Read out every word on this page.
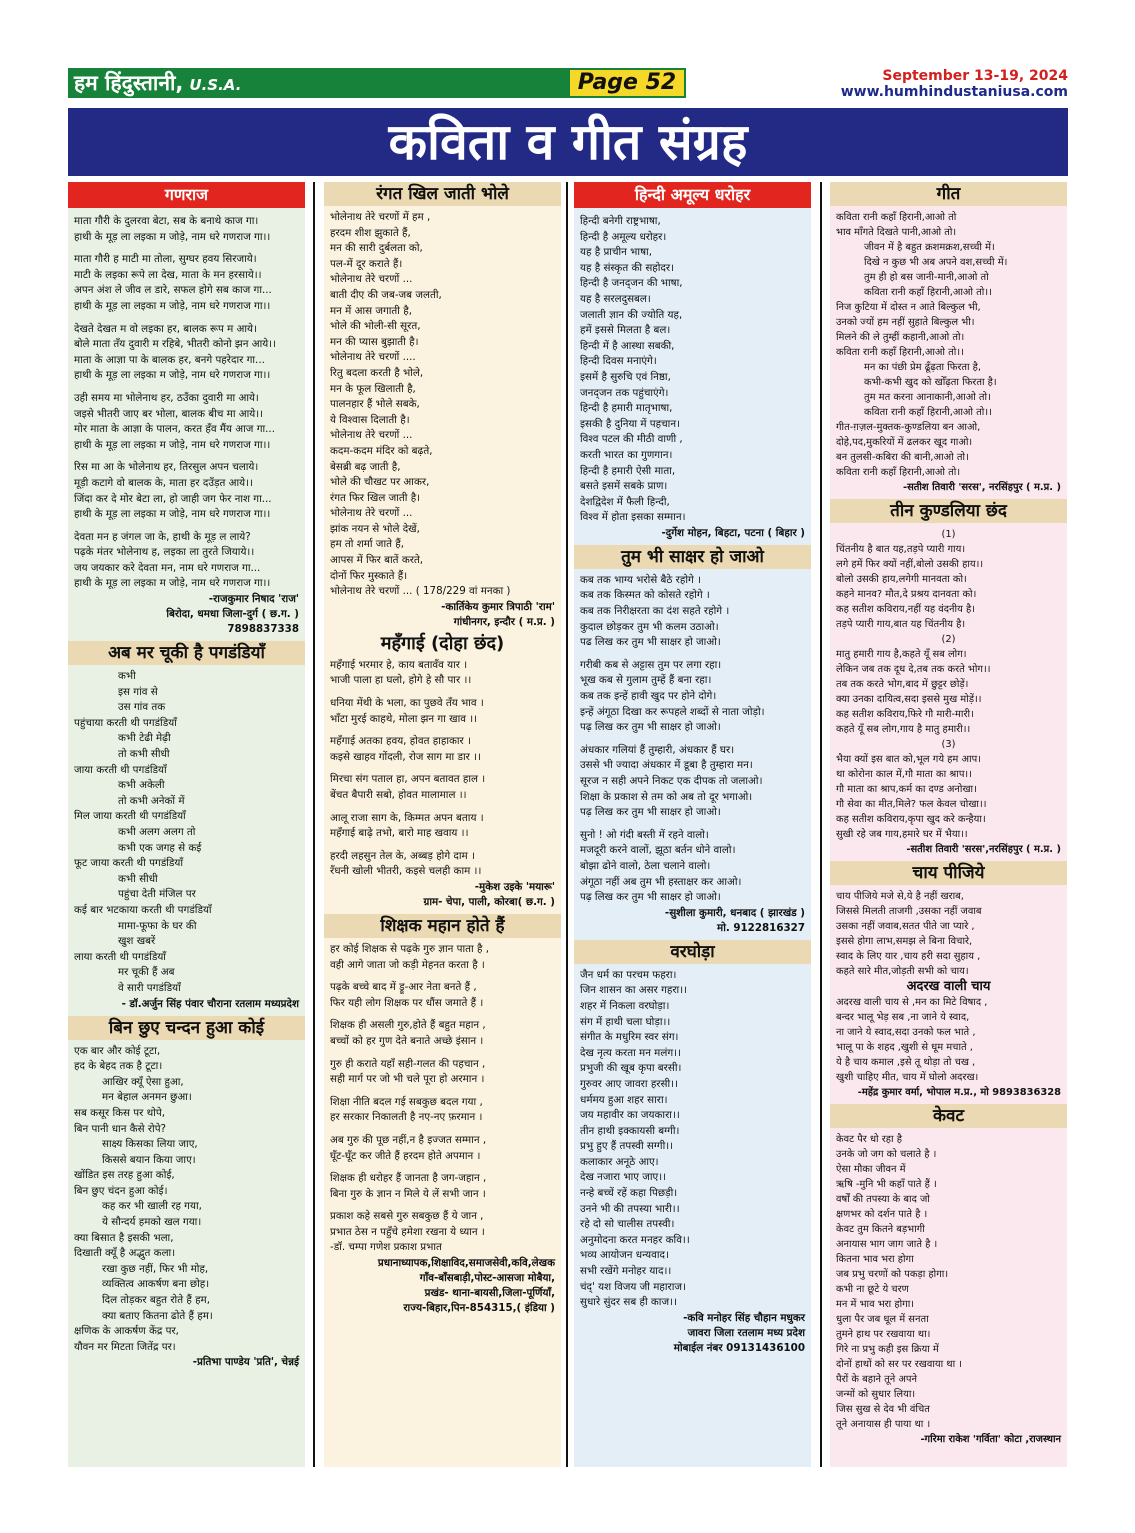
हम हिंदुस्तानी, U.S.A.	Page 52	September 13-19, 2024
www.humhindustaniusa.com
कविता व गीत संग्रह
गणराज
माता गौरी के दुलरवा बेटा, सब के बनाथे काज गा।
हाथी के मूड़ ला लइका म जोड़े, नाम धरे गणराज गा।।
माता गौरी ह माटी मा तोला, सुग्घर हवय सिरजाये।
माटी के लइका रूपे ला देख, माता के मन हरसाये।।
अपन अंश ले जीव ल डारे, सफल होगे सब काज गा...
हाथी के मूड़ ला लइका म जोड़े, नाम धरे गणराज गा।।
देखते देखत म वो लइका हर, बालक रूप म आये।
बोले माता तँय दुवारी म रहिबे, भीतरी कोनो झन आये।।
माता के आज्ञा पा के बालक हर, बनगे पहरेदार गा...
हाथी के मूड़ ला लइका म जोड़े, नाम धरे गणराज गा।।
उही समय मा भोलेनाथ हर, ठउँका दुवारी मा आये।
जइसे भीतरी जाए बर भोला, बालक बीच मा आये।।
मोर माता के आज्ञा के पालन, करत हँव मैंय आज गा...
हाथी के मूड़ ला लइका म जोड़े, नाम धरे गणराज गा।।
रिस मा आ के भोलेनाथ हर, तिरसुल अपन चलाये।
मूड़ी कटागे वो बालक के, माता हर दउँड़त आये।।
जिंदा कर दे मोर बेटा ला, हो जाही जग फेर नाश गा...
हाथी के मूड़ ला लइका म जोड़े, नाम धरे गणराज गा।।
देवता मन ह जंगल जा के, हाथी के मूड़ ल लाये?
पढ़के मंतर भोलेनाथ ह, लइका ला तुरते जियाये।।
जय जयकार करे देवता मन, नाम धरे गणराज गा...
हाथी के मूड़ ला लइका म जोड़े, नाम धरे गणराज गा।।
-राजकुमार निषाद 'राज'
बिरोदा, धमधा जिला-दुर्ग ( छ.ग. )
7898837338
अब मर चूकी है पगडंडियाँ
कभी
इस गांव से
उस गांव तक
पहुंचाया करती थी पगडंडियाँ
कभी टेढी मेढ़ी
तो कभी सीधी
जाया करती थी पगडंडियाँ
कभी अकेली
तो कभी अनेकों में
मिल जाया करती थी पगडंडियाँ
कभी अलग अलग तो
कभी एक जगह से कई
फूट जाया करती थी पगडंडियाँ
कभी सीधी
पहुंचा देती मंजिल पर
कई बार भटकाया करती थी पगडंडियाँ
मामा-फूफा के घर की
खुश खबरें
लाया करती थी पगडंडियाँ
मर चूकी हैं अब
वे सारी पगडंडियाँ
- डॉ.अर्जुन सिंह पंवार चौराना रतलाम मध्यप्रदेश
बिन छुए चन्दन हुआ कोई
एक बार और कोई टूटा,
हद के बेहद तक है टूटा।
आखिर क्यूँ ऐसा हुआ,
मन बेहाल अनमन छुआ।
सब कसूर किस पर थोपे,
बिन पानी धान कैसे रोपे?
साक्ष्य किसका लिया जाए,
किससे बयान किया जाए।
खोंडित इस तरह हुआ कोई,
बिन छुए चंदन हुआ कोई।
कह कर भी खाली रह गया,
ये सौन्दर्य हमको खल गया।
क्या बिसात है इसकी भला,
दिखाती क्यूँ है अद्भुत कला।
रखा कुछ नहीं, फिर भी मोह,
व्यक्तित्व आकर्षण बना छोह।
दिल तोड़कर बहुत रोते हैं हम,
क्या बताए कितना ढोते हैं हम।
क्षणिक के आकर्षण केंद्र पर,
यौवन मर मिटता जितेंद्र पर।
-प्रतिभा पाण्डेय 'प्रति', चेन्नई
रंगत खिल जाती भोले
भोलेनाथ तेरे चरणों में हम ,
हरदम शीश झुकाते हैं,
मन की सारी दुर्बलता को,
पल-में दूर कराते हैं।
भोलेनाथ तेरे चरणों ...
बाती दीए की जब-जब जलती,
मन में आस जगाती है,
भोले की भोली-सी सूरत,
मन की प्यास बुझाती है।
भोलेनाथ तेरे चरणों ....
रितु बदला करती है भोले,
मन के फूल खिलाती है,
पालनहार हैं भोले सबके,
ये विश्वास दिलाती है।
भोलेनाथ तेरे चरणों ...
कदम-कदम मंदिर को बढ़ते,
बेसब्री बढ़ जाती है,
भोले की चौखट पर आकर,
रंगत फिर खिल जाती है।
भोलेनाथ तेरे चरणों ...
झांक नयन से भोले देखें,
हम तो शर्मा जाते हैं,
आपस में फिर बातें करते,
दोनों फिर मुस्काते हैं।
भोलेनाथ तेरे चरणों ... ( 178/229 वां मनका )
-कार्तिकेय कुमार त्रिपाठी 'राम'
गांधीनगर, इन्दौर ( म.प्र. )
महँगाई (दोहा छंद)
महँगाई भरमार हे, काय बतावँव यार ।
भाजी पाला हा घलो, होगे हे सौ पार ।।
धनिया मेंथी के भला, का पुछवे तँय भाव ।
भाँटा मुरई काहथे, मोला झन गा खाव ।।
महँगाई अतका हवय, होवत हाहाकार ।
कइसे खाहव गोंदली, रोज साग मा डार ।।
मिरचा संग पताल हा, अपन बतावत हाल ।
बेंचत बैपारी सबो, होवत मालामाल ।।
आलू राजा साग के, किम्मत अपन बताय ।
महँगाई बाढ़े तभो, बारो माह खवाय ।।
हरदी लहसुन तेल के, अब्बड़ होगे दाम ।
रँधनी खोली भीतरी, कइसे चलही काम ।।
-मुकेश उइके 'मयारू'
ग्राम- चेपा, पाली, कोरबा( छ.ग. )
शिक्षक महान होते हैं
हर कोई शिक्षक से पढ़के गुरु ज्ञान पाता है ,
वही आगे जाता जो कड़ी मेहनत करता है ।
पढ़के बच्चे बाद में ड्रू-आर नेता बनते हैं ,
फिर यही लोग शिक्षक पर धौंस जमाते हैं ।
शिक्षक ही असली गुरु,होते हैं बहुत महान ,
बच्चों को हर गुण देते बनाते अच्छे इंसान ।
गुरु ही कराते यहाँ सही-गलत की पहचान ,
सही मार्ग पर जो भी चले पूरा हो अरमान ।
शिक्षा नीति बदल गई सबकुछ बदल गया ,
हर सरकार निकालती है नए-नए फ़रमान ।
अब गुरु की पूछ नहीं,न है इज्जत सम्मान ,
घूँट-घूँट कर जीते हैं हरदम होते अपमान ।
शिक्षक ही धरोहर हैं जानता है जग-जहान ,
बिना गुरु के ज्ञान न मिले ये लें सभी जान ।
प्रकाश कहे सबसे गुरु सबकुछ हैं ये जान ,
प्रभात ठेस न पहुँचे हमेशा रखना ये ध्यान ।
-डॉ. चम्पा गणेश प्रकाश प्रभात
प्रधानाध्यापक,शिक्षाविद,समाजसेवी,कवि,लेखक
गाँव-बाँसबाड़ी,पोस्ट-आसजा मोबैया,
प्रखंड- थाना-बायसी,जिला-पूर्णियाँ,
राज्य-बिहार,पिन-854315,( इंडिया )
हिन्दी अमूल्य धरोहर
हिन्दी बनेगी राष्ट्रभाषा,
हिन्दी है अमूल्य धरोहर।
यह है प्राचीन भाषा,
यह है संस्कृत की सहोदर।
हिन्दी है जनद्जन की भाषा,
यह है सरलदुसबल।
जलाती ज्ञान की ज्योति यह,
हमें इससे मिलता है बल।
हिन्दी में है आस्था सबकी,
हिन्दी दिवस मनाएंगे।
इसमें है सुरुचि एवं निष्ठा,
जनद्जन तक पहुंचाएंगे।
हिन्दी है हमारी मातृभाषा,
इसकी है दुनिया में पहचान।
विश्व पटल की मीठी वाणी ,
करती भारत का गुणगान।
हिन्दी है हमारी ऐसी माता,
बसते इसमें सबके प्राण।
देशद्विदेश में फैली हिन्दी,
विश्व में होता इसका सम्मान।
-दुर्गेश मोहन, बिहटा, पटना ( बिहार )
तुम भी साक्षर हो जाओ
कब तक भाग्य भरोसे बैठे रहोगे ।
कब तक किस्मत को कोसते रहोगे ।
कब तक निरीक्षरता का दंश सहते रहोगे ।
कुदाल छोड़कर तुम भी कलम उठाओ।
पढ लिख कर तुम भी साक्षर हो जाओ।
गरीबी कब से अट्टास तुम पर लगा रहा।
भूख कब से गुलाम तुम्हें हैं बना रहा।
कब तक इन्हें हावी खुद पर होने दोगे।
इन्हें अंगूठा दिखा कर रूपहले शब्दों से नाता जोड़ो।
पढ़ लिख कर तुम भी साक्षर हो जाओ।
अंधकार गलियां हैं तुम्हारी, अंधकार हैं घर।
उससे भी ज्यादा अंधकार में डूबा है तुम्हारा मन।
सूरज न सही अपने निकट एक दीपक तो जलाओ।
शिक्षा के प्रकाश से तम को अब तो दूर भगाओ।
पढ़ लिख कर तुम भी साक्षर हो जाओ।
सुनो ! ओ गंदी बस्ती में रहने वालो।
मजदूरी करने वालों, झूठा बर्तन धोने वालो।
बोझा ढोने वालो, ठेला चलाने वालो।
अंगूठा नहीं अब तुम भी हस्ताक्षर कर आओ।
पढ़ लिख कर तुम भी साक्षर हो जाओ।
-सुशीला कुमारी, धनबाद ( झारखंड )
मो. 9122816327
वरघोड़ा
जैन धर्म का परचम फहरा।
जिन शासन का असर गहरा।।
शहर में निकला वरघोड़ा।
संग में हाथी चला घोड़ा।।
संगीत के मधुरिम स्वर संग।
देख नृत्य करता मन मलंग।।
प्रभुजी की खूब कृपा बरसी।
गुरुवर आए जावरा हरसी।।
धर्ममय हुआ शहर सारा।
जय महावीर का जयकारा।।
तीन हाथी इक्कायसी बग्गी।
प्रभु हुए हैं तपस्वी सग्गी।।
कलाकार अनूठे आए।
देख नजारा भाए जाए।।
नन्हे बच्चें रहें कहा पिछड़ी।
उनने भी की तपस्या भारी।।
रहे दो सो चालीस तपस्वी।
अनुमोदना करत मनहर कवि।।
भव्य आयोजन धन्यवाद।
सभी रखेंगे मनोहर याद।।
चंद्' यश विजय जी महाराज।
सुधारे सुंदर सब ही काज।।
-कवि मनोहर सिंह चौहान मधुकर
जावरा जिला रतलाम मध्य प्रदेश
मोबाईल नंबर 09131436100
गीत
कविता रानी कहाँ हिरानी,आओ तो
भाव माँगते दिखते पानी,आओ तो।
जीवन में है बहुत क्रशमक्रश,सच्ची में।
दिखे न कुछ भी अब अपने वश,सच्ची में।
तुम ही हो बस जानी-मानी,आओ तो
कविता रानी कहाँ हिरानी,आओ तो।।
निज कुटिया में दोस्त न आते बिल्कुल भी,
उनको ज्यों हम नहीं सुहाते बिल्कुल भी।
मिलने की ले तुम्हीं कहानी,आओ तो।
कविता रानी कहाँ हिरानी,आओ तो।।
मन का पंछी प्रेम ढूँढ़ता फिरता है,
कभी-कभी खुद को खोँढ़ता फिरता है।
तुम मत करना आनाकानी,आओ तो।
कविता रानी कहाँ हिरानी,आओ तो।।
गीत-ग़ज़ल-मुक्तक-कुण्डलिया बन आओ,
दोहे,पद,मुकरियों में ढलकर खूद गाओ।
बन तुलसी-कबिरा की बानी,आओ तो।
कविता रानी कहाँ हिरानी,आओ तो।
-सतीश तिवारी 'सरस', नरसिंहपुर ( म.प्र. )
तीन कुण्डलिया छंद
(1)
चिंतनीय है बात यह,तड़पे प्यारी गाय।
लगे हमें फिर क्यों नहीं,बोलो उसकी हाय।।
बोलो उसकी हाय,लगेगी मानवता को।
कहने मानव? मौत,दे प्रश्रय दानवता को।
कह सतीश कविराय,नहीं यह वंदनीय है।
तड़पे प्यारी गाय,बात यह चिंतनीय है।
(2)
मातु हमारी गाय है,कहते यूँ सब लोग।
लेकिन जब तक दूध दे,तब तक करते भोग।।
तब तक करते भोग,बाद में छुट्टर छोड़ें।
क्या उनका दायित्व,सदा इससे मुख मोड़ें।।
कह सतीश कविराय,फिरे गौ मारी-मारी।
कहते यूँ सब लोग,गाय है मातु हमारी।।
(3)
भैया क्यों इस बात को,भूल गये हम आप।
था कोरोना काल में,गौ माता का श्राप।।
गौ माता का श्राप,कर्म का दण्ड अनोखा।
गौ सेवा का मीत,मिले? फल केवल चोखा।।
कह सतीश कविराय,कृपा खुद करे कन्हैया।
सुखी रहे जब गाय,हमारे घर में भैया।।
-सतीश तिवारी 'सरस',नरसिंहपुर ( म.प्र. )
चाय पीजिये
चाय पीजिये मजे से,ये है नहीं खराब,
जिससे मिलती ताजगी ,उसका नहीं जवाब
उसका नहीं जवाब,सतत पीते जा प्यारे ,
इससे होगा लाभ,समझ ले बिना विचारे,
स्वाद के लिए यार ,चाय हरी सदा सुहाय ,
कहते सारे मीत,जोड़ती सभी को चाय।
अदरख वाली चाय
अदरख वाली चाय से ,मन का मिटे विषाद ,
बन्दर भालू भेड़ सब ,ना जाने ये स्वाद,
ना जाने ये स्वाद,सदा उनको फल भाते ,
भालू पा के शहद ,खुशी से धूम मचाते ,
ये है चाय कमाल ,इसे तू थोड़ा तो चख ,
खुशी चाहिए मीत, चाय में घोलो अदरख।
-महेंद्र कुमार वर्मा, भोपाल म.प्र., मो 9893836328
केवट
केवट पैर धो रहा है
उनके जो जग को चलाते है ।
ऐसा मौका जीवन में
ऋषि -मुनि भी कहाँ पाते हैं ।
वर्षों की तपस्या के बाद जो
क्षणभर को दर्शन पाते है ।
केवट तुम कितने बड़भागी
अनायास भाग जाग जाते है ।
कितना भाव भरा होगा
जब प्रभु चरणों को पकड़ा होगा।
कभी ना छूटे ये चरण
मन में भाव भरा होगा।
धुला पैर जब धूल में सनता
तुमने हाथ पर रखवाया था।
गिरे ना प्रभु कही इस क्रिया में
दोनों हाथों को सर पर रखवाया था ।
पैरों के बहाने तूने अपने
जन्मों को सुधार लिया।
जिस सुख से देव भी वंचित
तूने अनायास ही पाया था ।
-गरिमा राकेश 'गर्विता' कोटा ,राजस्थान
